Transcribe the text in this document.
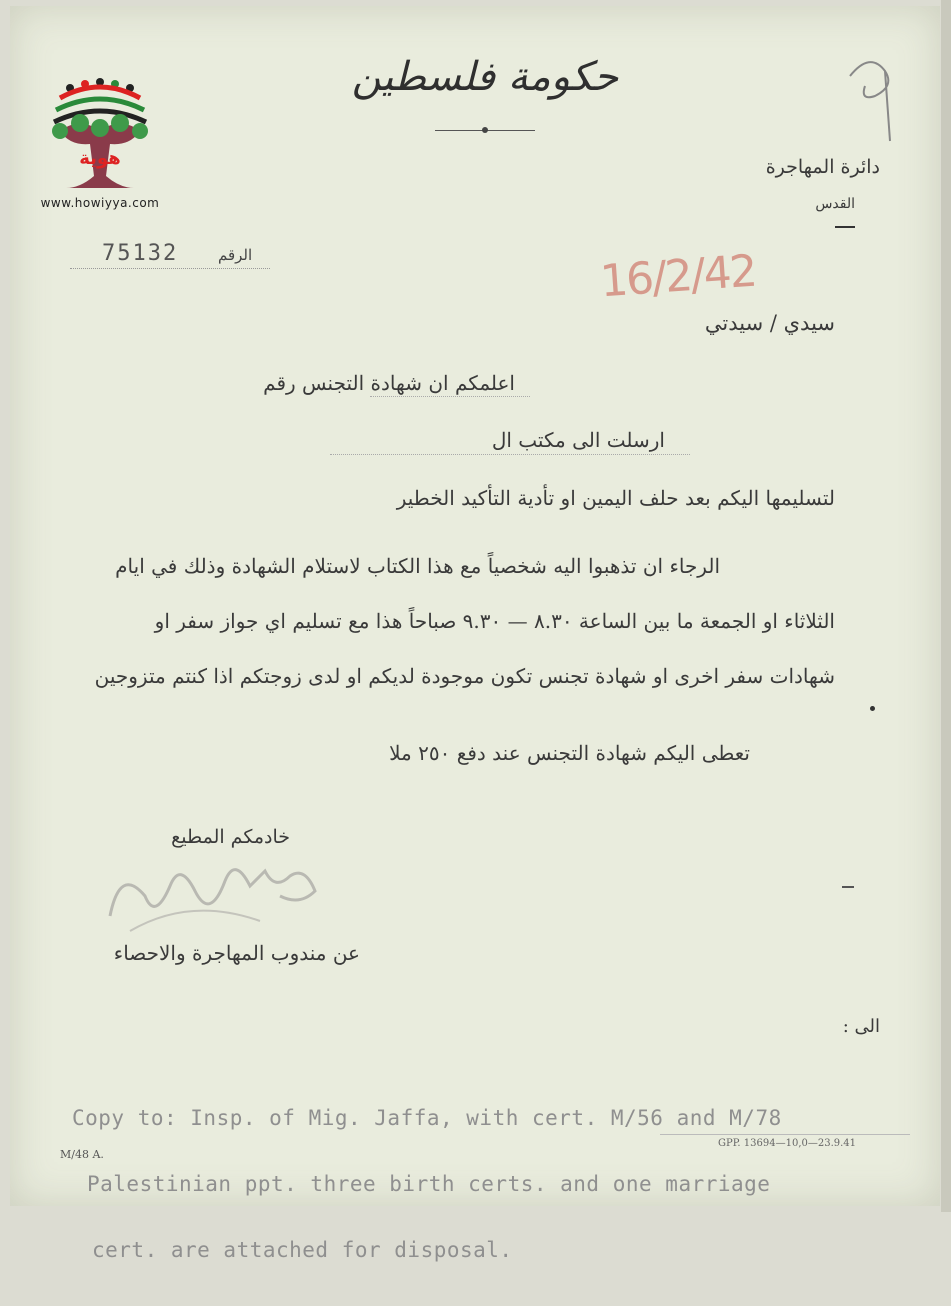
هوية
www.howiyya.com
حكومة فلسطين
دائرة المهاجرة
القدس
75132	الرقم	16/2/42
سيدي / سيدتي
اعلمكم ان شهادة التجنس رقم
ارسلت الى مكتب ال
لتسليمها اليكم بعد حلف اليمين او تأدية التأكيد الخطير
الرجاء ان تذهبوا اليه شخصياً مع هذا الكتاب لاستلام الشهادة وذلك في ايام
الثلاثاء او الجمعة ما بين الساعة ٨.٣٠ — ٩.٣٠ صباحاً هذا مع تسليم اي جواز سفر او
شهادات سفر اخرى او شهادة تجنس تكون موجودة لديكم او لدى زوجتكم اذا كنتم متزوجين
تعطى اليكم شهادة التجنس عند دفع ٢٥٠ ملا
خادمكم المطيع
عن مندوب المهاجرة والاحصاء
الى :

Copy to: Insp. of Mig. Jaffa, with cert. M/56 and M/78

Palestinian ppt. three birth certs. and one marriage

cert. are attached for disposal.

M/48 A.
GPP. 13694—10,0—23.9.41
